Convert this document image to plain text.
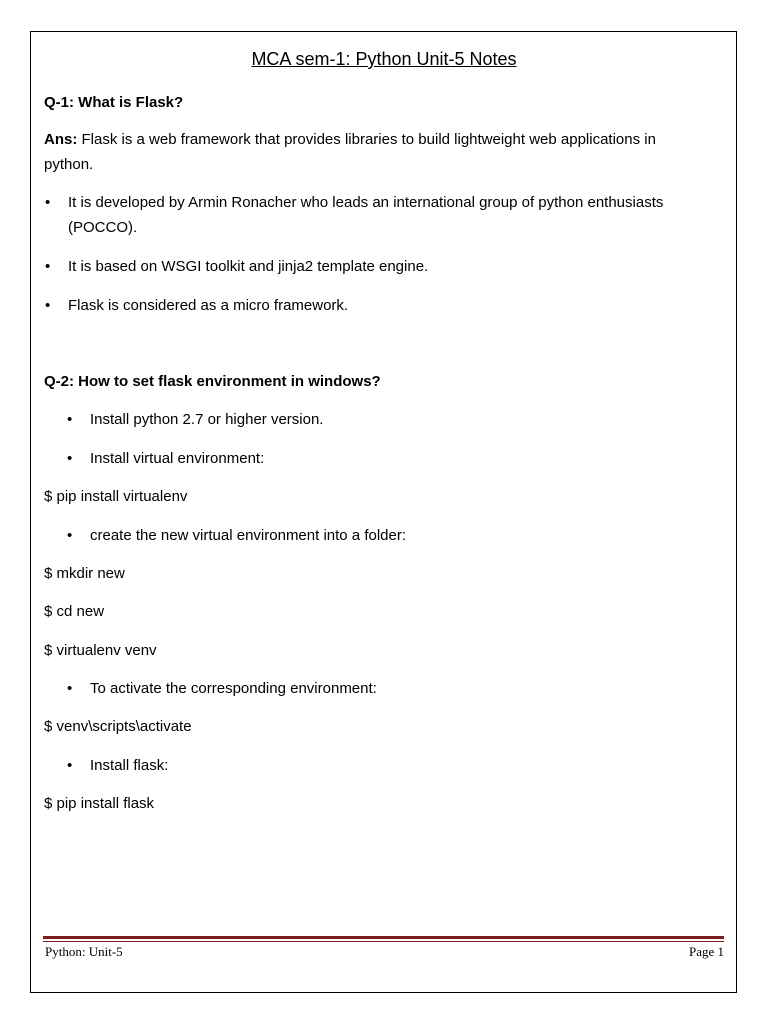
MCA sem-1: Python Unit-5 Notes
Q-1: What is Flask?
Ans: Flask is a web framework that provides libraries to build lightweight web applications in
python.
• It is developed by Armin Ronacher who leads an international group of python enthusiasts
(POCCO).
• It is based on WSGI toolkit and jinja2 template engine.
• Flask is considered as a micro framework.
Q-2: How to set flask environment in windows?
• Install python 2.7 or higher version.
• Install virtual environment:
$ pip install virtualenv
• create the new virtual environment into a folder:
$ mkdir new
$ cd new
$ virtualenv venv
• To activate the corresponding environment:
$ venv\scripts\activate
• Install flask:
$ pip install flask
Python: Unit-5	Page 1
